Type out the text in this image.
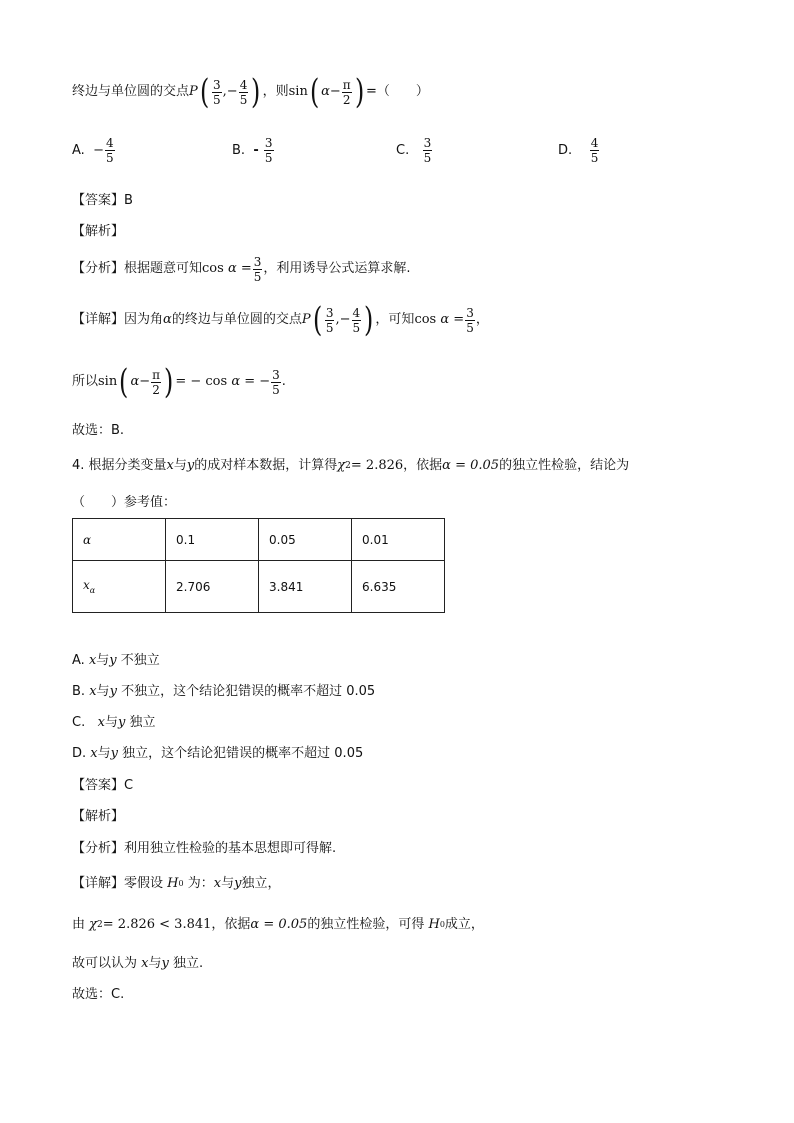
终边与单位圆的交点 P ( $\frac{3}{5}$ ,− $\frac{4}{5}$ ) ，则 sin ( $\alpha - \frac{\pi}{2}$ ) =（　　）
A.
− $\frac{4}{5}$	B.
-
$\frac{3}{5}$	C.
$\frac{3}{5}$	D.
$\frac{4}{5}$
【答案】 B
【解析】
【分析】 根据题意可知 cos
α
= $\frac{3}{5}$ ，利用诱导公式运算求解.
【详解】 因为角 α 的终边与单位圆的交点 P ( $\frac{3}{5}$ ,− $\frac{4}{5}$ ) ，可知 cos
α
= $\frac{3}{5}$ ，
所以 sin ( $\alpha - \frac{\pi}{2}$ ) = − cos
α
= − $\frac{3}{5}$ .
故选：B.
4. 根据分类变量 x 与 y 的成对样本数据，计算得 χ 2 = 2.826 ，依据 α = 0.05 的独立性检验，结论为
（　　）参考值：
α	0.1	0.05	0.01
$x_\alpha$	2.706	3.841	6.635
A.
x 与 y
不独立
B.
x 与 y
不独立，这个结论犯错误的概率不超过 0.05
C.
x 与 y
独立
D.
x 与 y
独立，这个结论犯错误的概率不超过 0.05
【答案】 C
【解析】
【分析】 利用独立性检验的基本思想即可得解.
【详解】 零假设
H 0
为： x 与 y 独立，
由
χ 2 = 2.826 < 3.841 ，依据 α = 0.05 的独立性检验，可得
H 0 成立，
故可以认为
x 与 y
独立.
故选：C.
